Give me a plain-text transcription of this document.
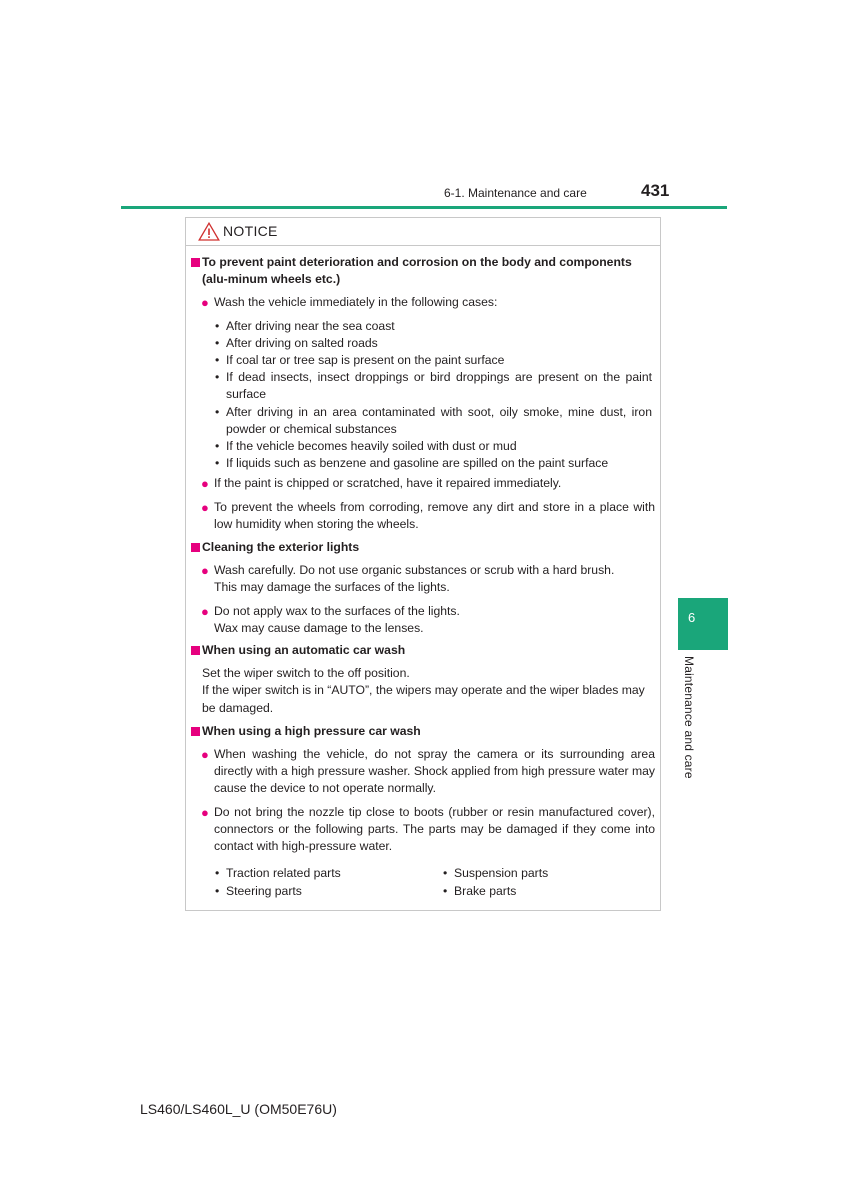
6-1. Maintenance and care	431
NOTICE
To prevent paint deterioration and corrosion on the body and components (alu-minum wheels etc.)
● Wash the vehicle immediately in the following cases:
• After driving near the sea coast
• After driving on salted roads
• If coal tar or tree sap is present on the paint surface
• If dead insects, insect droppings or bird droppings are present on the paint surface
• After driving in an area contaminated with soot, oily smoke, mine dust, iron powder or chemical substances
• If the vehicle becomes heavily soiled with dust or mud
• If liquids such as benzene and gasoline are spilled on the paint surface
● If the paint is chipped or scratched, have it repaired immediately.
● To prevent the wheels from corroding, remove any dirt and store in a place with low humidity when storing the wheels.
Cleaning the exterior lights
● Wash carefully. Do not use organic substances or scrub with a hard brush.
This may damage the surfaces of the lights.
● Do not apply wax to the surfaces of the lights.
Wax may cause damage to the lenses.
When using an automatic car wash
Set the wiper switch to the off position.
If the wiper switch is in “AUTO”, the wipers may operate and the wiper blades may be damaged.
When using a high pressure car wash
● When washing the vehicle, do not spray the camera or its surrounding area directly with a high pressure washer. Shock applied from high pressure water may cause the device to not operate normally.
● Do not bring the nozzle tip close to boots (rubber or resin manufactured cover), connectors or the following parts. The parts may be damaged if they come into contact with high-pressure water.
• Traction related parts
• Steering parts
• Suspension parts
• Brake parts
6
Maintenance and care
LS460/LS460L_U (OM50E76U)
